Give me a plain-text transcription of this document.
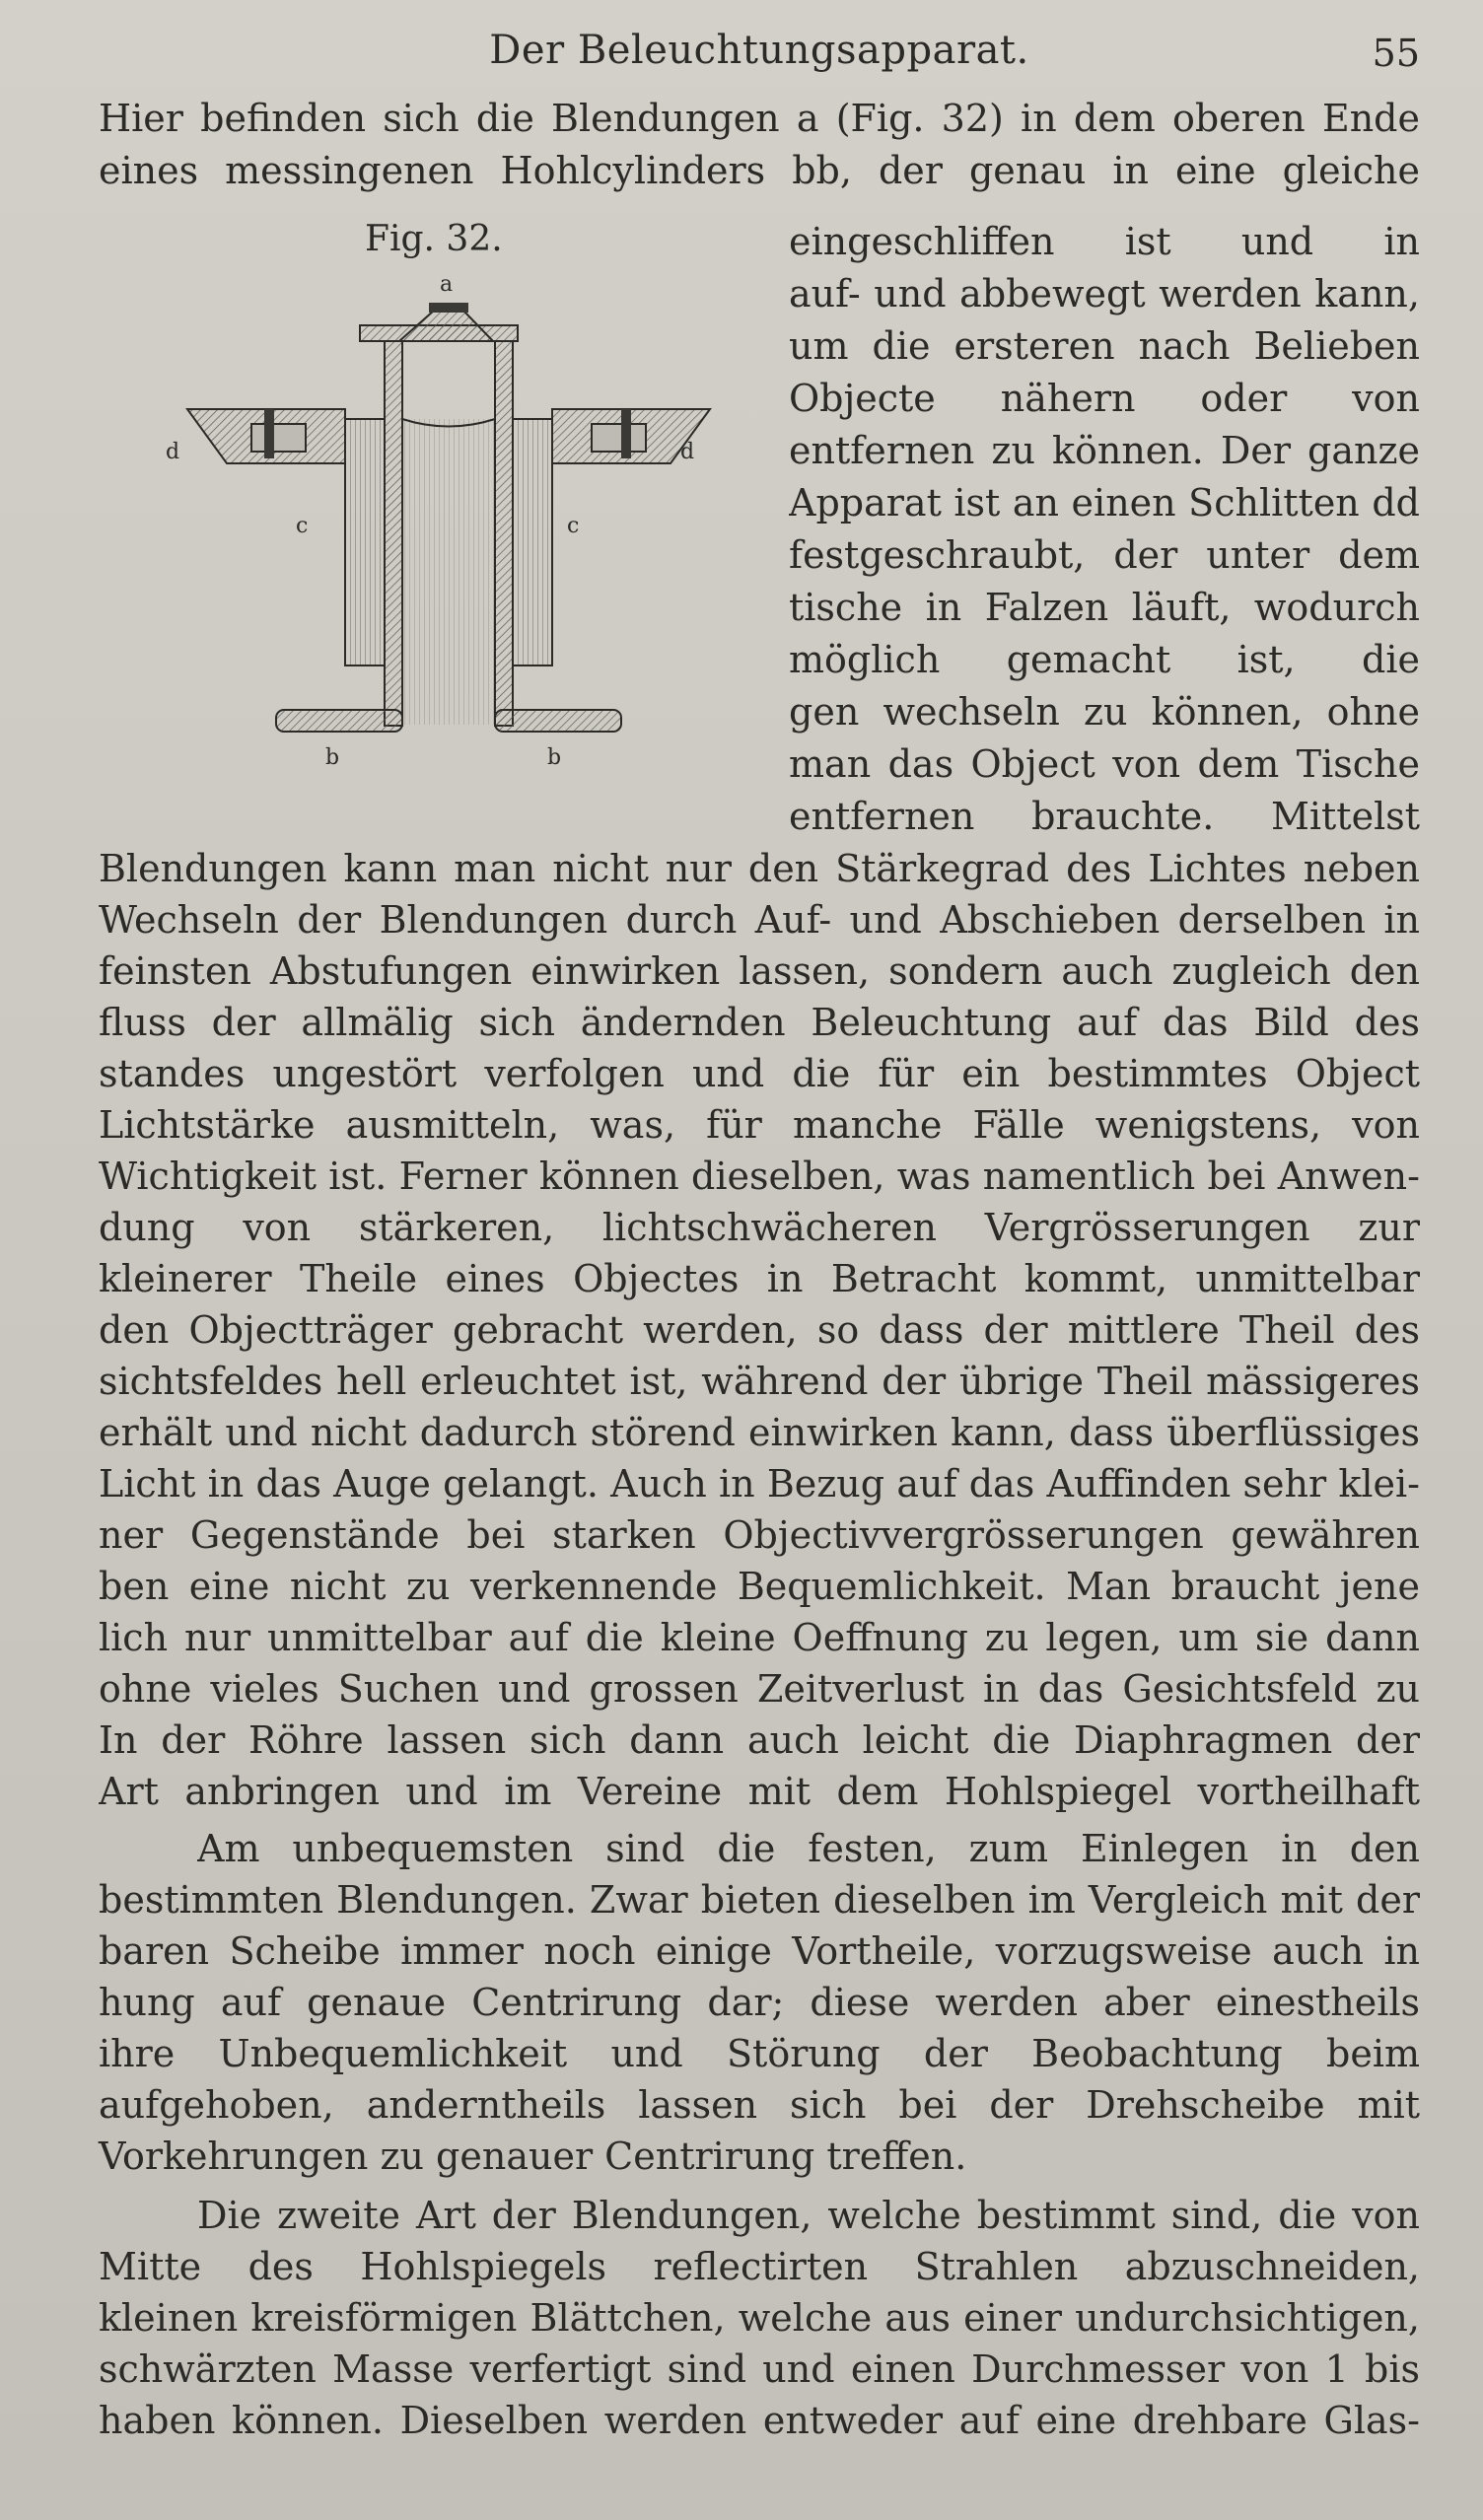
Der Beleuchtungsapparat.	55
Hier befinden sich die Blendungen a (Fig. 32) in dem oberen Ende
eines messingenen Hohlcylinders bb, der genau in eine gleiche
Fig. 32.
a
d	d
c	c
b	b
eingeschliffen ist und in
auf- und abbewegt werden kann,
um die ersteren nach Belieben
Objecte nähern oder von
entfernen zu können. Der ganze
Apparat ist an einen Schlitten dd
festgeschraubt, der unter dem
tische in Falzen läuft, wodurch
möglich gemacht ist, die
gen wechseln zu können, ohne
man das Object von dem Tische
entfernen brauchte. Mittelst
Blendungen kann man nicht nur den Stärkegrad des Lichtes neben
Wechseln der Blendungen durch Auf- und Abschieben derselben in
feinsten Abstufungen einwirken lassen, sondern auch zugleich den
fluss der allmälig sich ändernden Beleuchtung auf das Bild des
standes ungestört verfolgen und die für ein bestimmtes Object
Lichtstärke ausmitteln, was, für manche Fälle wenigstens, von
Wichtigkeit ist. Ferner können dieselben, was namentlich bei Anwen-
dung von stärkeren, lichtschwächeren Vergrösserungen zur
kleinerer Theile eines Objectes in Betracht kommt, unmittelbar
den Objectträger gebracht werden, so dass der mittlere Theil des
sichtsfeldes hell erleuchtet ist, während der übrige Theil mässigeres
erhält und nicht dadurch störend einwirken kann, dass überflüssiges
Licht in das Auge gelangt. Auch in Bezug auf das Auffinden sehr klei-
ner Gegenstände bei starken Objectivvergrösserungen gewähren
ben eine nicht zu verkennende Bequemlichkeit. Man braucht jene
lich nur unmittelbar auf die kleine Oeffnung zu legen, um sie dann
ohne vieles Suchen und grossen Zeitverlust in das Gesichtsfeld zu
In der Röhre lassen sich dann auch leicht die Diaphragmen der
Art anbringen und im Vereine mit dem Hohlspiegel vortheilhaft
Am unbequemsten sind die festen, zum Einlegen in den
bestimmten Blendungen. Zwar bieten dieselben im Vergleich mit der
baren Scheibe immer noch einige Vortheile, vorzugsweise auch in
hung auf genaue Centrirung dar; diese werden aber einestheils
ihre Unbequemlichkeit und Störung der Beobachtung beim
aufgehoben, anderntheils lassen sich bei der Drehscheibe mit
Vorkehrungen zu genauer Centrirung treffen.
Die zweite Art der Blendungen, welche bestimmt sind, die von
Mitte des Hohlspiegels reflectirten Strahlen abzuschneiden,
kleinen kreisförmigen Blättchen, welche aus einer undurchsichtigen,
schwärzten Masse verfertigt sind und einen Durchmesser von 1 bis
haben können. Dieselben werden entweder auf eine drehbare Glas-
